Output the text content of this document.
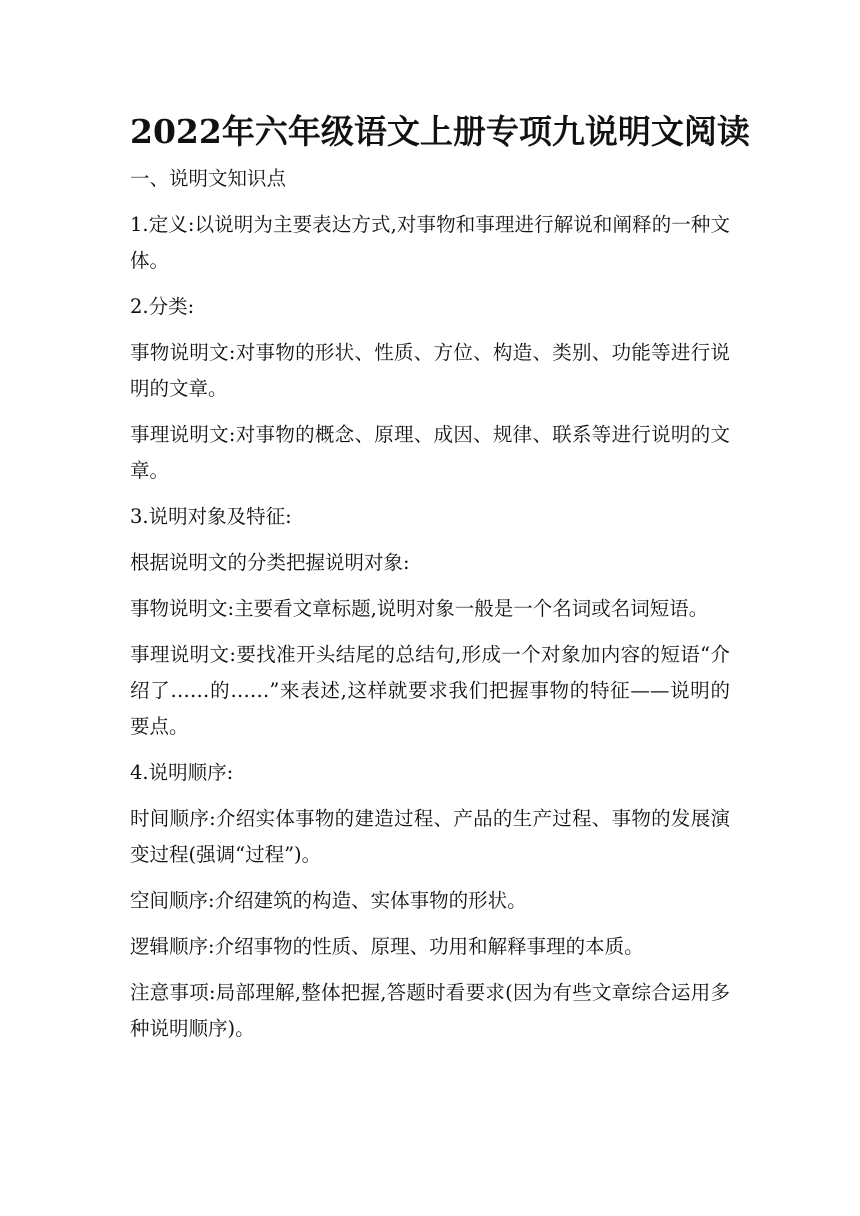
2022年六年级语文上册专项九说明文阅读

一、说明文知识点

1.定义:以说明为主要表达方式,对事物和事理进行解说和阐释的一种文体。

2.分类:

事物说明文:对事物的形状、性质、方位、构造、类别、功能等进行说明的文章。

事理说明文:对事物的概念、原理、成因、规律、联系等进行说明的文章。

3.说明对象及特征:

根据说明文的分类把握说明对象:

事物说明文:主要看文章标题,说明对象一般是一个名词或名词短语。

事理说明文:要找准开头结尾的总结句,形成一个对象加内容的短语“介绍了……的……”来表述,这样就要求我们把握事物的特征——说明的要点。

4.说明顺序:

时间顺序:介绍实体事物的建造过程、产品的生产过程、事物的发展演变过程(强调“过程”)。

空间顺序:介绍建筑的构造、实体事物的形状。

逻辑顺序:介绍事物的性质、原理、功用和解释事理的本质。

注意事项:局部理解,整体把握,答题时看要求(因为有些文章综合运用多种说明顺序)。
